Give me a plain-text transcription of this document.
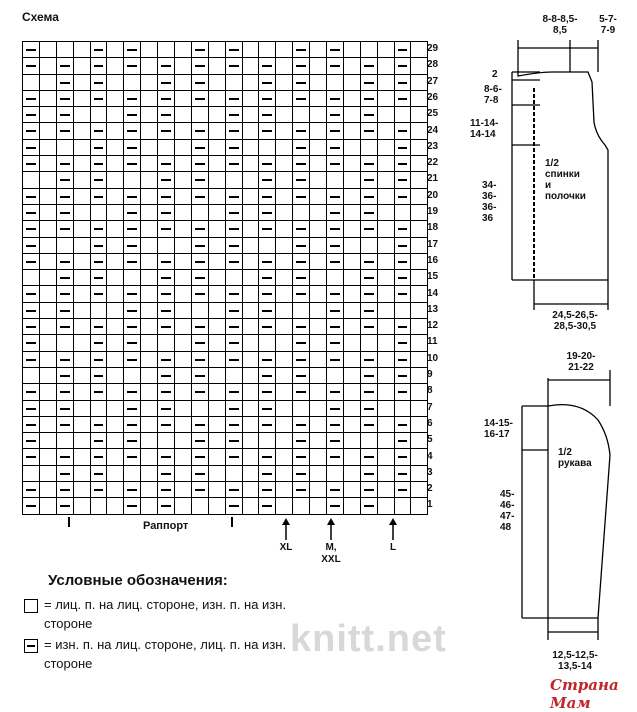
Схема
29
28
27
26
25
24
23
22
21
20
19
18
17
16
15
14
13
12
11
10
9
8
7
6
5
4
3
2
1
Раппорт
XL	M,
XXL
L
Условные обозначения:
= лиц. п. на лиц. стороне, изн. п. на изн. стороне
= изн. п. на лиц. стороне, лиц. п. на изн. стороне
knitt.net
Страна Мам
8-8-8,5-
8,5
5-7-
7-9
2
8-6-
7-8
11-14-
14-14
1/2
спинки
и
полочки
34-
36-
36-
36
24,5-26,5-
28,5-30,5
19-20-
21-22
14-15-
16-17
1/2
рукава
45-
46-
47-
48
12,5-12,5-
13,5-14
